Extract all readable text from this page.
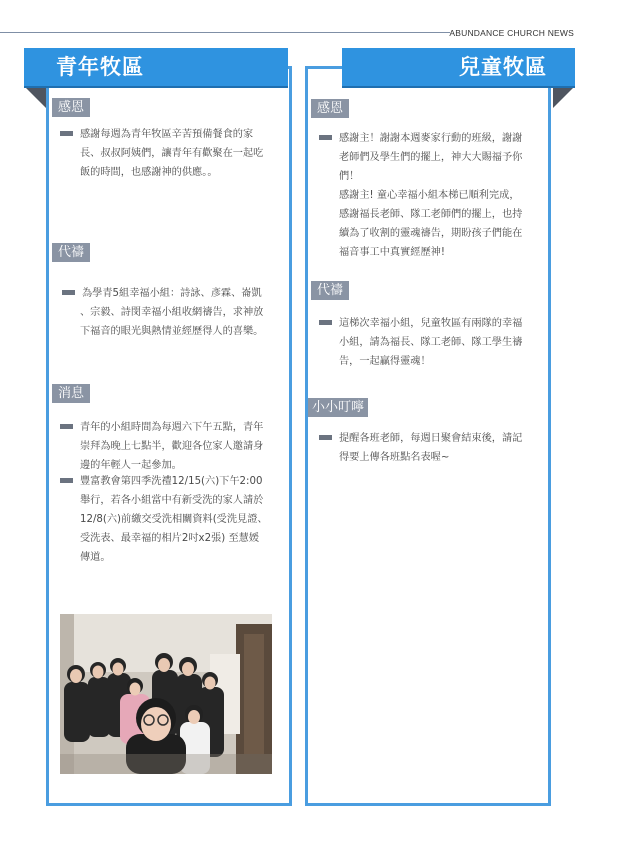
ABUNDANCE CHURCH NEWS
青年牧區	兒童牧區
感恩
感謝每週為青年牧區辛苦預備餐食的家
長、叔叔阿姨們，讓青年有歡聚在一起吃
飯的時間，也感謝神的供應。。
代禱
為學青5組幸福小組：詩詠、彥霖、崙凱
、宗毅、詩閔幸福小組收網禱告，求神放
下福音的眼光與熱情並經歷得人的喜樂。
消息
青年的小組時間為每週六下午五點，青年
崇拜為晚上七點半，歡迎各位家人邀請身
邊的年輕人一起參加。
豐富教會第四季洗禮12/15(六)下午2:00
舉行，若各小組當中有新受洗的家人請於
12/8(六)前繳交受洗相關資料(受洗見證、
受洗表、最幸福的相片2吋x2張) 至慧媛
傳道。
感恩
感謝主！謝謝本週麥家行動的班級，謝謝
老師們及學生們的擺上，神大大賜福予你
們！
感謝主! 童心幸福小組本梯已順利完成，
感謝福長老師、隊工老師們的擺上，也持
續為了收割的靈魂禱告，期盼孩子們能在
福音事工中真實經歷神!
代禱
這梯次幸福小組，兒童牧區有兩隊的幸福
小組，請為福長、隊工老師、隊工學生禱
告，一起贏得靈魂！
小小叮嚀
提醒各班老師，每週日聚會結束後，請記
得要上傳各班點名表喔~
